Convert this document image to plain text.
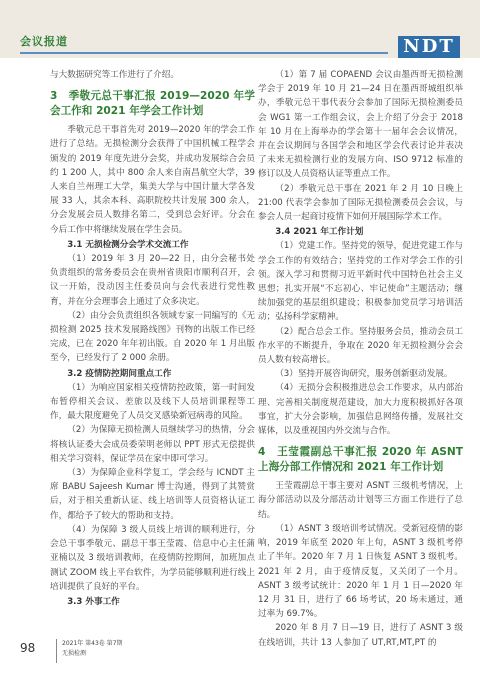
会议报道	NDT

与大数据研究等工作进行了介绍。

3　季敬元总干事汇报 2019—2020 年学会工作和 2021 年学会工作计划

季敬元总干事首先对 2019—2020 年的学会工作进行了总结。无损检测分会获得了中国机械工程学会颁发的 2019 年度先进分会奖，并成功发展综合会员约 1 200 人，其中 800 余人来自南昌航空大学，39 人来自兰州理工大学，集美大学与中国计量大学各发展 33 人，其余本科、高职院校共计发展 300 余人，分会发展会员人数排名第二，受到总会好评。分会在今后工作中将继续发展在学生会员。

3.1 无损检测分会学术交流工作

（1）2019 年 3 月 20—22 日，由分会秘书处负责组织的常务委员会在贵州省贵阳市顺利召开，会议一开始，没动因主任委员向与会代表进行党性教育，并在分会理事会上通过了众多决定。

（2）由分会负责组织各领域专家一同编写的《无损检测 2025 技术发展路线图》刊物的出版工作已经完成，已在 2020 年年初出版。自 2020 年 1 月出版至今，已经发行了 2 000 余册。

3.2 疫情防控期间重点工作

（1）为响应国家相关疫情防控政策，第一时间发布暂停相关会议、差旅以及线下人员培训课程等工作，最大限度避免了人员交叉感染新冠病毒的风险。

（2）为保障无损检测人员继续学习的热情，分会将核认证委大会成员委荣明老师以 PPT 形式无偿提供相关学习资料，保证学员在家中即可学习。

（3）为保障企业科学复工，学会经与 ICNDT 主席 BABU Sajeesh Kumar 博士沟通，得到了其赞赏后，对于相关重新认证、线上培训等人员资格认证工作，都给予了较大的帮助和支持。

（4）为保障 3 级人员线上培训的顺利进行，分会总干事季敬元、副总干事王莹霞、信息中心主任蒲亚楠以及 3 级培训教师，在疫情防控期间，加班加点测试 ZOOM 线上平台软件，为学员能够顺利进行线上培训提供了良好的平台。

3.3 外事工作

（1）第 7 届 COPAEND 会议由墨西哥无损检测学会于 2019 年 10 月 21—24 日在墨西哥城组织举办，季敬元总干事代表分会参加了国际无损检测委员会 WG1 第一工作组会议，会上介绍了分会于 2018 年 10 月在上海举办的学会第十一届年会会议情况，并在会议期间与各国学会和地区学会代表讨论并表决了未来无损检测行业的发展方向、ISO 9712 标准的修订以及人员资格认证等重点工作。

（2）季敬元总干事在 2021 年 2 月 10 日晚上 21:00 代表学会参加了国际无损检测委员会会议，与参会人员一起商讨疫情下如何开展国际学术工作。

3.4 2021 年工作计划

（1）党建工作。坚持党的领导，促进党建工作与学会工作的有效结合；坚持党的工作对学会工作的引领。深入学习和贯彻习近平新时代中国特色社会主义思想；扎实开展“不忘初心、牢记使命”主题活动；继续加强党的基层组织建设；积极参加党员学习培训活动；弘扬科学家精神。

（2）配合总会工作。坚持服务会员，推动会员工作水平的不断提升，争取在 2020 年无损检测分会会员人数有较高增长。

（3）坚持开展咨询研究，服务创新驱动发展。

（4）无损分会积极推进总会工作要求，从内部治理、完善相关制度规范建设，加大力度积极抓好各项事宜，扩大分会影响，加强信息网络传播，发展社交媒体，以及重视国内外交流与合作。

4　王莹霞副总干事汇报 2020 年 ASNT 上海分部工作情况和 2021 年工作计划

王莹霞副总干事主要对 ASNT 三级机考情况，上海分部活动以及分部活动计划等三方面工作进行了总结。

（1）ASNT 3 级培训考试情况。受新冠疫情的影响，2019 年底至 2020 年上旬，ASNT 3 级机考停止了半年。2020 年 7 月 1 日恢复 ASNT 3 级机考。2021 年 2 月，由于疫情反复，又关闭了一个月。ASNT 3 级考试统计：2020 年 1 月 1 日—2020 年 12 月 31 日，进行了 66 场考试，20 场未通过，通过率为 69.7%。

2020 年 8 月 7 日—19 日，进行了 ASNT 3 级在线培训，共计 13 人参加了 UT,RT,MT,PT 的

98	2021年 第43卷 第7期
无损检测
